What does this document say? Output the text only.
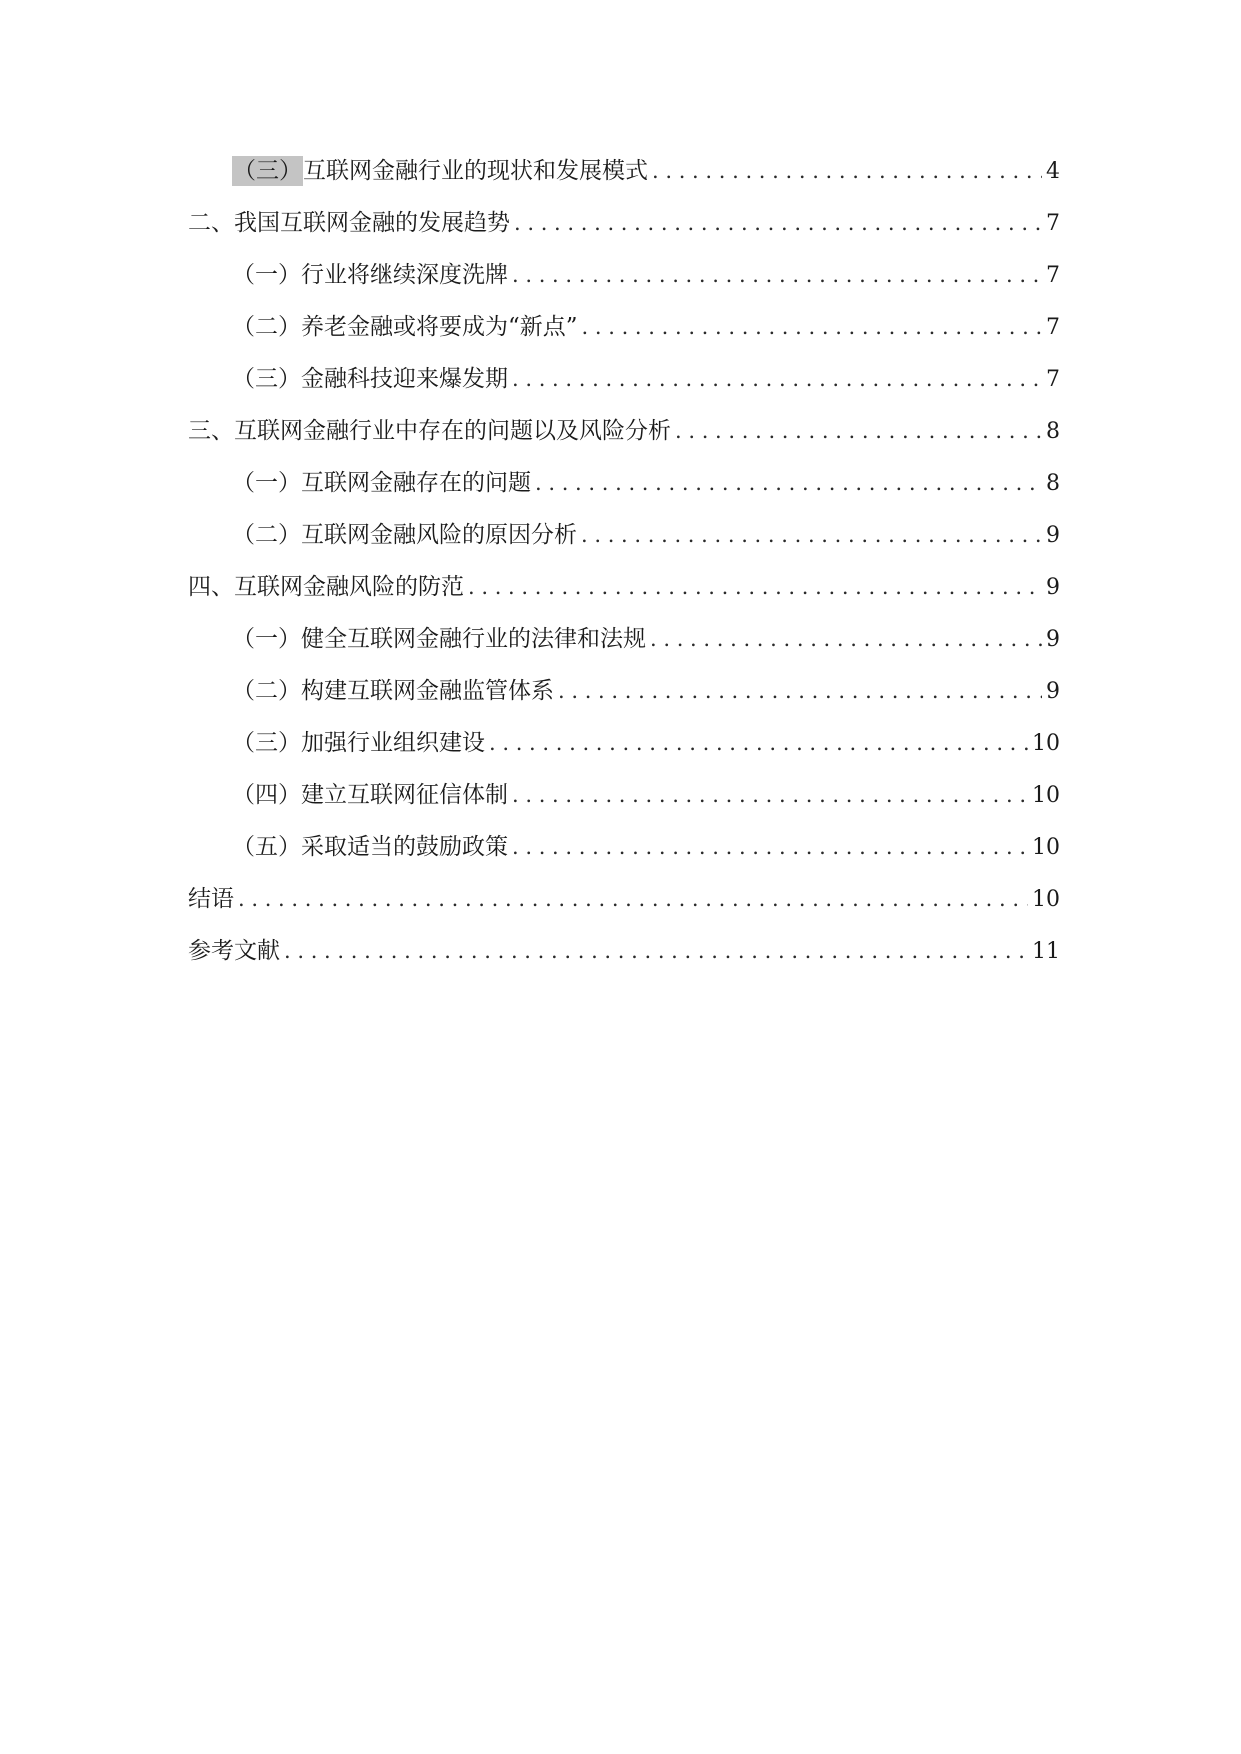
（三） 互联网金融行业的现状和发展模式 . . .	4
二、 我国互联网金融的发展趋势 . . .	7
（一） 行业将继续深度洗牌 . . .	7
（二） 养老金融或将要成为“新点” . . .	7
（三） 金融科技迎来爆发期 . . .	7
三、 互联网金融行业中存在的问题以及风险分析 . . .	8
（一） 互联网金融存在的问题 . . .	8
（二） 互联网金融风险的原因分析 . . .	9
四、 互联网金融风险的防范 . . .	9
（一） 健全互联网金融行业的法律和法规 . . .	9
（二） 构建互联网金融监管体系 . . .	9
（三） 加强行业组织建设 . . .	10
（四） 建立互联网征信体制 . . .	10
（五） 采取适当的鼓励政策 . . .	10
结语 . . .	10
参考文献 . . .	11
